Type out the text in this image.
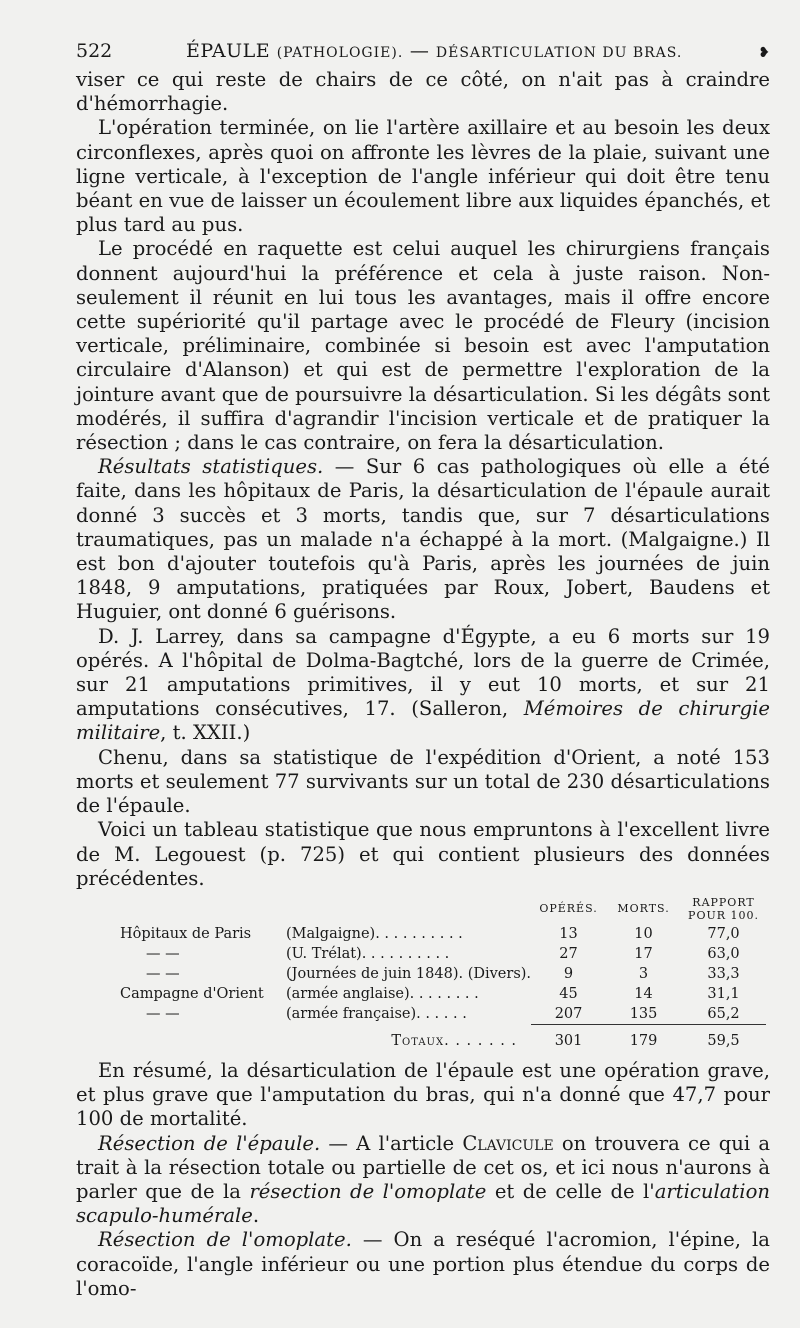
522	ÉPAULE (PATHOLOGIE). — DÉSARTICULATION DU BRAS.	❥

viser ce qui reste de chairs de ce côté, on n'ait pas à craindre d'hémorrhagie.

L'opération terminée, on lie l'artère axillaire et au besoin les deux circonflexes, après quoi on affronte les lèvres de la plaie, suivant une ligne verticale, à l'exception de l'angle inférieur qui doit être tenu béant en vue de laisser un écoulement libre aux liquides épanchés, et plus tard au pus.

Le procédé en raquette est celui auquel les chirurgiens français donnent aujourd'hui la préférence et cela à juste raison. Non-seulement il réunit en lui tous les avantages, mais il offre encore cette supériorité qu'il partage avec le procédé de Fleury (incision verticale, préliminaire, combinée si besoin est avec l'amputation circulaire d'Alanson) et qui est de permettre l'exploration de la jointure avant que de poursuivre la désarticulation. Si les dégâts sont modérés, il suffira d'agrandir l'incision verticale et de pratiquer la résection ; dans le cas contraire, on fera la désarticulation.

Résultats statistiques. — Sur 6 cas pathologiques où elle a été faite, dans les hôpitaux de Paris, la désarticulation de l'épaule aurait donné 3 succès et 3 morts, tandis que, sur 7 désarticulations traumatiques, pas un malade n'a échappé à la mort. (Malgaigne.) Il est bon d'ajouter toutefois qu'à Paris, après les journées de juin 1848, 9 amputations, pratiquées par Roux, Jobert, Baudens et Huguier, ont donné 6 guérisons.

D. J. Larrey, dans sa campagne d'Égypte, a eu 6 morts sur 19 opérés. A l'hôpital de Dolma-Bagtché, lors de la guerre de Crimée, sur 21 amputations primitives, il y eut 10 morts, et sur 21 amputations consécutives, 17. (Salleron, Mémoires de chirurgie militaire, t. XXII.)

Chenu, dans sa statistique de l'expédition d'Orient, a noté 153 morts et seulement 77 survivants sur un total de 230 désarticulations de l'épaule.

Voici un tableau statistique que nous empruntons à l'excellent livre de M. Legouest (p. 725) et qui contient plusieurs des données précédentes.

		OPÉRÉS.	MORTS.	RAPPORT
POUR 100.
Hôpitaux de Paris	(Malgaigne). . . . . . . . . .	13	10	77,0
— —	(U. Trélat). . . . . . . . . .	27	17	63,0
— —	(Journées de juin 1848). (Divers).	9	3	33,3
Campagne d'Orient	(armée anglaise). . . . . . . .	45	14	31,1
— —	(armée française). . . . . .	207	135	65,2
	Totaux. . . . . . .	301	179	59,5

En résumé, la désarticulation de l'épaule est une opération grave, et plus grave que l'amputation du bras, qui n'a donné que 47,7 pour 100 de mortalité.

Résection de l'épaule. — A l'article Clavicule on trouvera ce qui a trait à la résection totale ou partielle de cet os, et ici nous n'aurons à parler que de la résection de l'omoplate et de celle de l'articulation scapulo-humérale.

Résection de l'omoplate. — On a reséqué l'acromion, l'épine, la coracoïde, l'angle inférieur ou une portion plus étendue du corps de l'omo-
